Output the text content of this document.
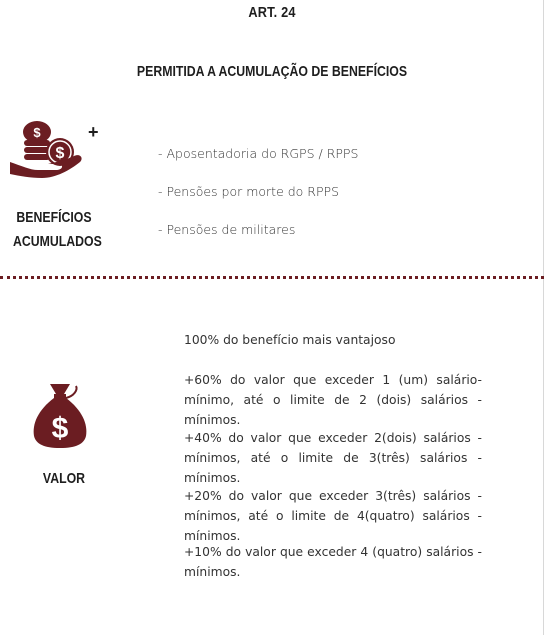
ART. 24
PERMITIDA A ACUMULAÇÃO DE BENEFÍCIOS
$
$
+
BENEFÍCIOS
ACUMULADOS
- Aposentadoria do RGPS / RPPS
- Pensões por morte do RPPS
- Pensões de militares
$
VALOR
100% do benefício mais vantajoso
+60% do valor que exceder 1 (um) salário-mínimo, até o limite de 2 (dois) salários - mínimos.
+40% do valor que exceder 2(dois) salários - mínimos, até o limite de 3(três) salários - mínimos.
+20% do valor que exceder 3(três) salários - mínimos, até o limite de 4(quatro) salários - mínimos.
+10% do valor que exceder 4 (quatro) salários - mínimos.
